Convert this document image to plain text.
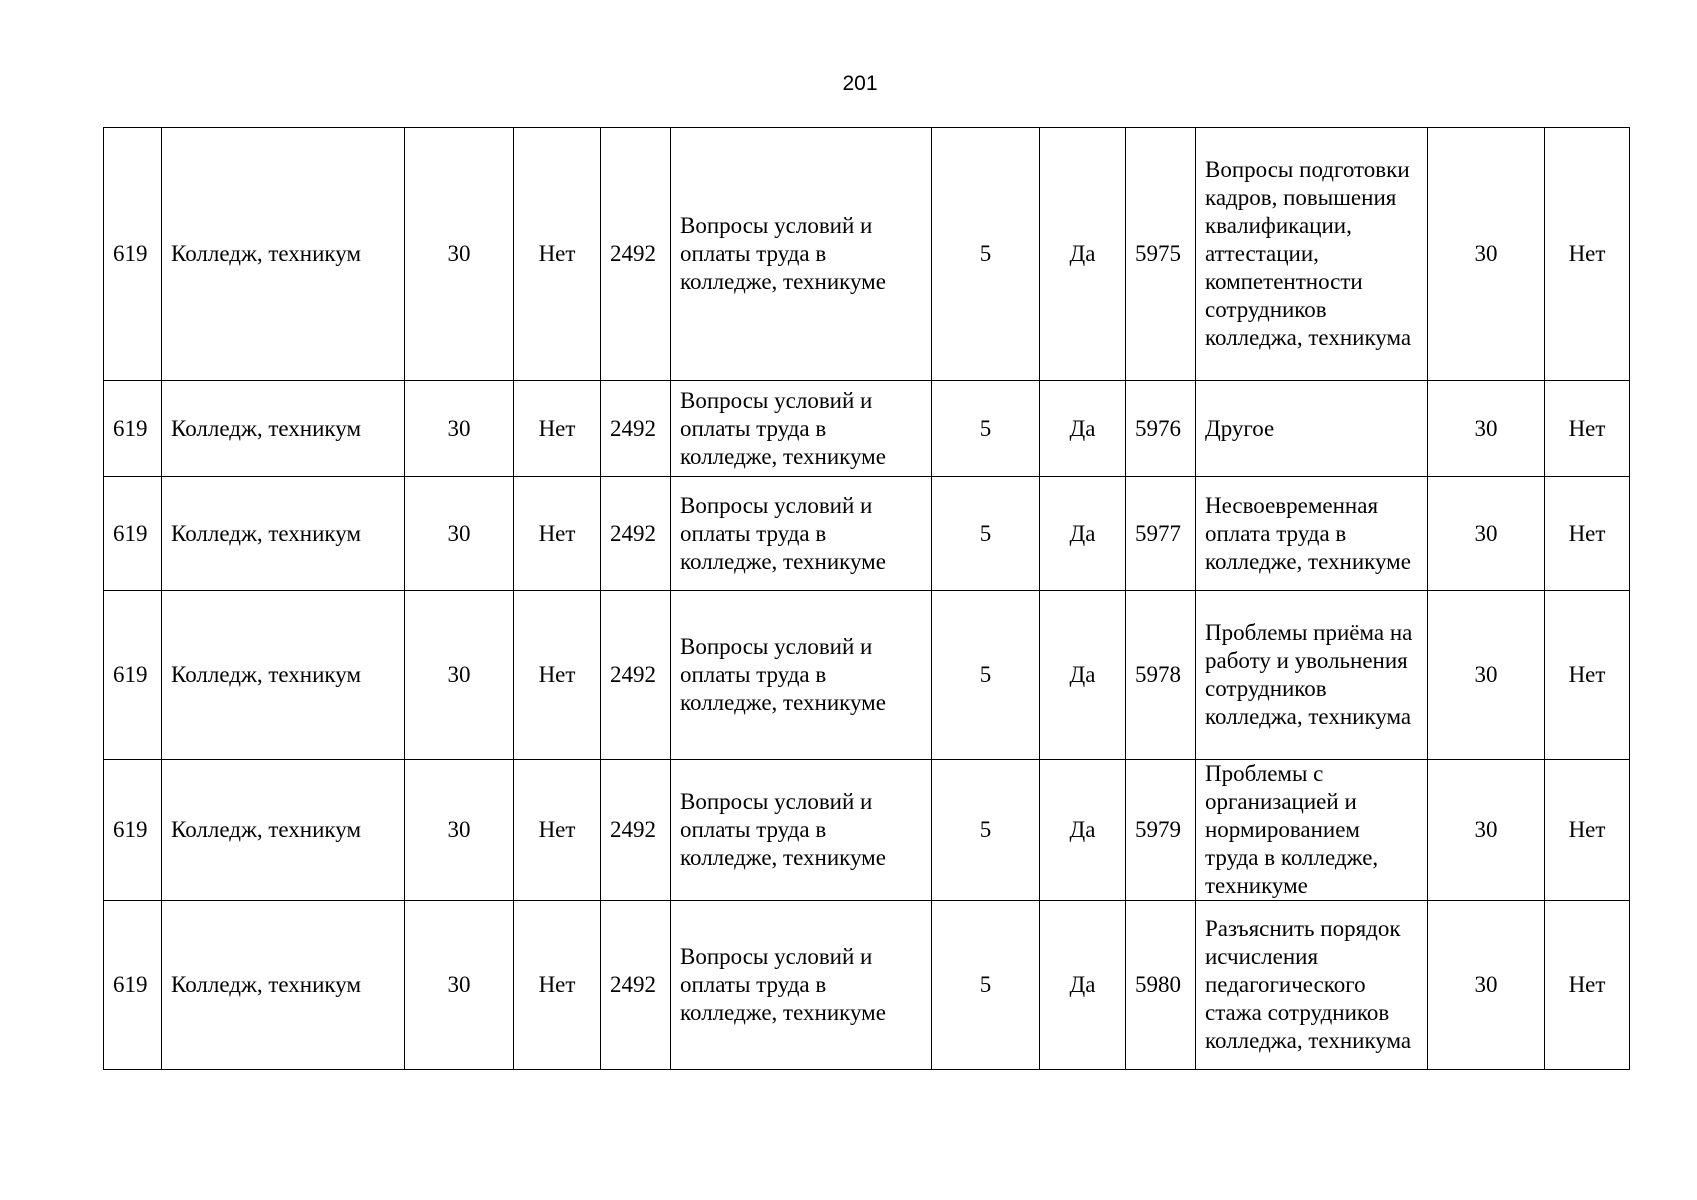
201
619	Колледж, техникум	30	Нет	2492	Вопросы условий и оплаты труда в колледже, техникуме	5	Да	5975	Вопросы подготовки кадров, повышения квалификации, аттестации, компетентности сотрудников колледжа, техникума	30	Нет
619	Колледж, техникум	30	Нет	2492	Вопросы условий и оплаты труда в колледже, техникуме	5	Да	5976	Другое	30	Нет
619	Колледж, техникум	30	Нет	2492	Вопросы условий и оплаты труда в колледже, техникуме	5	Да	5977	Несвоевременная оплата труда в колледже, техникуме	30	Нет
619	Колледж, техникум	30	Нет	2492	Вопросы условий и оплаты труда в колледже, техникуме	5	Да	5978	Проблемы приёма на работу и увольнения сотрудников колледжа, техникума	30	Нет
619	Колледж, техникум	30	Нет	2492	Вопросы условий и оплаты труда в колледже, техникуме	5	Да	5979	Проблемы с организацией и нормированием труда в колледже, техникуме	30	Нет
619	Колледж, техникум	30	Нет	2492	Вопросы условий и оплаты труда в колледже, техникуме	5	Да	5980	Разъяснить порядок исчисления педагогического стажа сотрудников колледжа, техникума	30	Нет
